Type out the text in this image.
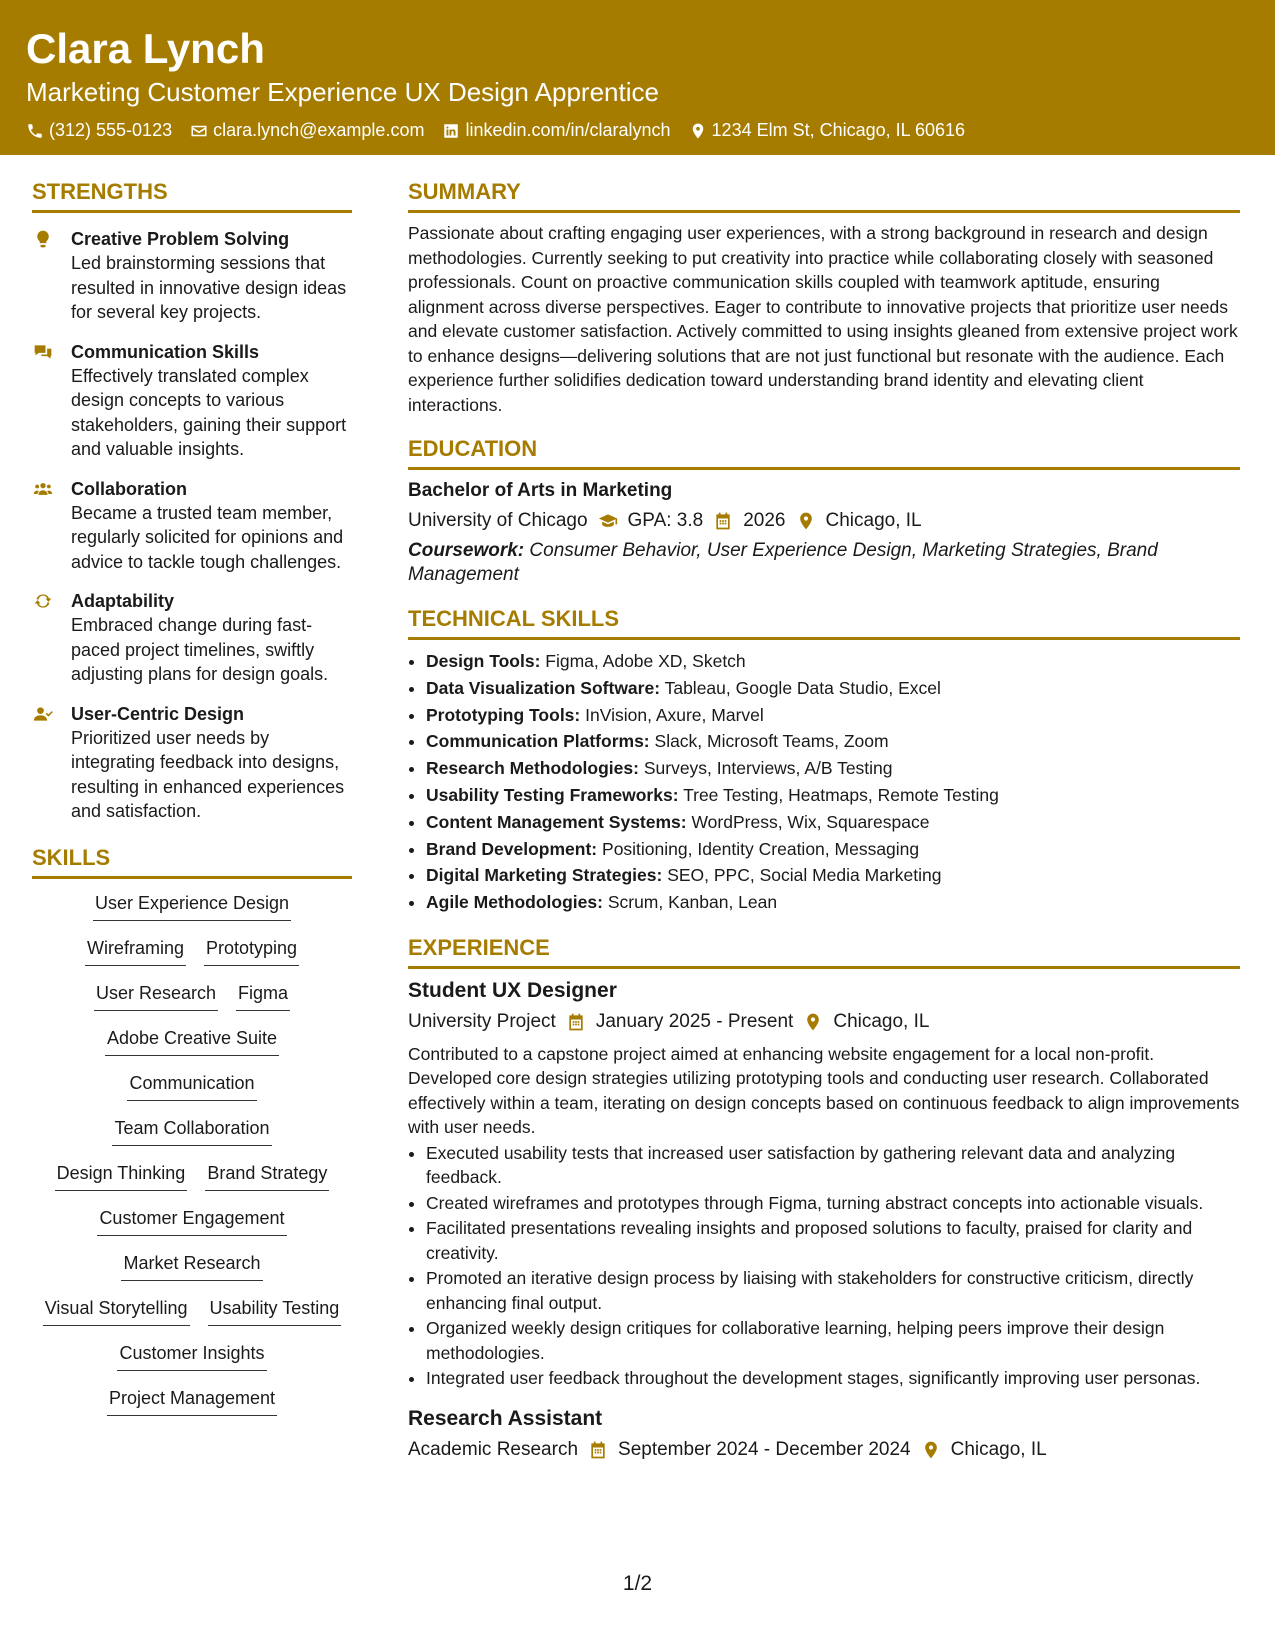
Clara Lynch
Marketing Customer Experience UX Design Apprentice
(312) 555-0123 clara.lynch@example.com linkedin.com/in/claralynch 1234 Elm St, Chicago, IL 60616
STRENGTHS
Creative Problem Solving
Led brainstorming sessions that resulted in innovative design ideas for several key projects.
Communication Skills
Effectively translated complex design concepts to various stakeholders, gaining their support and valuable insights.
Collaboration
Became a trusted team member, regularly solicited for opinions and advice to tackle tough challenges.
Adaptability
Embraced change during fast-paced project timelines, swiftly adjusting plans for design goals.
User-Centric Design
Prioritized user needs by integrating feedback into designs, resulting in enhanced experiences and satisfaction.
SKILLS
User Experience Design
Wireframing Prototyping
User Research Figma
Adobe Creative Suite
Communication
Team Collaboration
Design Thinking Brand Strategy
Customer Engagement
Market Research
Visual Storytelling Usability Testing
Customer Insights
Project Management
SUMMARY

Passionate about crafting engaging user experiences, with a strong background in research and design methodologies. Currently seeking to put creativity into practice while collaborating closely with seasoned professionals. Count on proactive communication skills coupled with teamwork aptitude, ensuring alignment across diverse perspectives. Eager to contribute to innovative projects that prioritize user needs and elevate customer satisfaction. Actively committed to using insights gleaned from extensive project work to enhance designs—delivering solutions that are not just functional but resonate with the audience. Each experience further solidifies dedication toward understanding brand identity and elevating client interactions.

EDUCATION
Bachelor of Arts in Marketing
University of Chicago GPA: 3.8 2026 Chicago, IL
Coursework: Consumer Behavior, User Experience Design, Marketing Strategies, Brand Management
TECHNICAL SKILLS
• Design Tools: Figma, Adobe XD, Sketch
• Data Visualization Software: Tableau, Google Data Studio, Excel
• Prototyping Tools: InVision, Axure, Marvel
• Communication Platforms: Slack, Microsoft Teams, Zoom
• Research Methodologies: Surveys, Interviews, A/B Testing
• Usability Testing Frameworks: Tree Testing, Heatmaps, Remote Testing
• Content Management Systems: WordPress, Wix, Squarespace
• Brand Development: Positioning, Identity Creation, Messaging
• Digital Marketing Strategies: SEO, PPC, Social Media Marketing
• Agile Methodologies: Scrum, Kanban, Lean
EXPERIENCE
Student UX Designer
University Project January 2025 - Present Chicago, IL

Contributed to a capstone project aimed at enhancing website engagement for a local non-profit. Developed core design strategies utilizing prototyping tools and conducting user research. Collaborated effectively within a team, iterating on design concepts based on continuous feedback to align improvements with user needs.

• Executed usability tests that increased user satisfaction by gathering relevant data and analyzing feedback.
• Created wireframes and prototypes through Figma, turning abstract concepts into actionable visuals.
• Facilitated presentations revealing insights and proposed solutions to faculty, praised for clarity and creativity.
• Promoted an iterative design process by liaising with stakeholders for constructive criticism, directly enhancing final output.
• Organized weekly design critiques for collaborative learning, helping peers improve their design methodologies.
• Integrated user feedback throughout the development stages, significantly improving user personas.
Research Assistant
Academic Research September 2024 - December 2024 Chicago, IL
1/2
